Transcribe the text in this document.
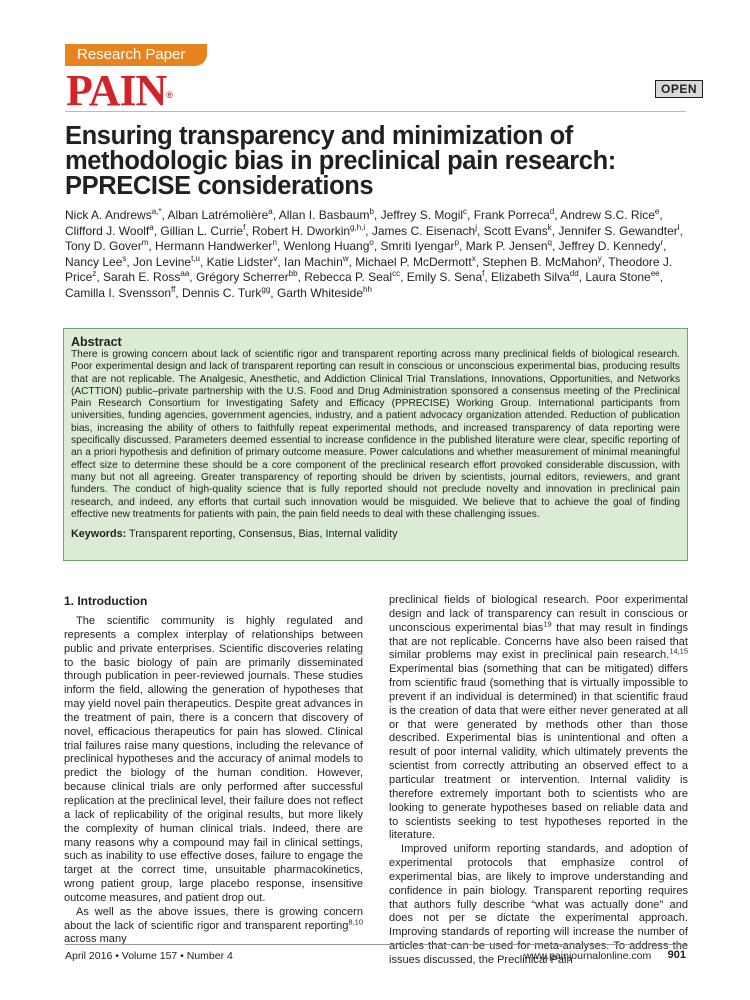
Research Paper
PAIN®	OPEN
Ensuring transparency and minimization of methodologic bias in preclinical pain research: PPRECISE considerations

Nick A. Andrews$^{a,*}$, Alban Latrémolière$^a$, Allan I. Basbaum$^b$, Jeffrey S. Mogil$^c$, Frank Porreca$^d$, Andrew S.C. Rice$^e$, Clifford J. Woolf$^a$, Gillian L. Currie$^f$, Robert H. Dworkin$^{g,h,i}$, James C. Eisenach$^j$, Scott Evans$^k$, Jennifer S. Gewandter$^l$, Tony D. Gover$^m$, Hermann Handwerker$^n$, Wenlong Huang$^o$, Smriti Iyengar$^p$, Mark P. Jensen$^q$, Jeffrey D. Kennedy$^r$, Nancy Lee$^s$, Jon Levine$^{t,u}$, Katie Lidster$^v$, Ian Machin$^w$, Michael P. McDermott$^x$, Stephen B. McMahon$^y$, Theodore J. Price$^z$, Sarah E. Ross$^{aa}$, Grégory Scherrer$^{bb}$, Rebecca P. Seal$^{cc}$, Emily S. Sena$^f$, Elizabeth Silva$^{dd}$, Laura Stone$^{ee}$, Camilla I. Svensson$^{ff}$, Dennis C. Turk$^{gg}$, Garth Whiteside$^{hh}$

Abstract

There is growing concern about lack of scientific rigor and transparent reporting across many preclinical fields of biological research. Poor experimental design and lack of transparent reporting can result in conscious or unconscious experimental bias, producing results that are not replicable. The Analgesic, Anesthetic, and Addiction Clinical Trial Translations, Innovations, Opportunities, and Networks (ACTTION) public–private partnership with the U.S. Food and Drug Administration sponsored a consensus meeting of the Preclinical Pain Research Consortium for Investigating Safety and Efficacy (PPRECISE) Working Group. International participants from universities, funding agencies, government agencies, industry, and a patient advocacy organization attended. Reduction of publication bias, increasing the ability of others to faithfully repeat experimental methods, and increased transparency of data reporting were specifically discussed. Parameters deemed essential to increase confidence in the published literature were clear, specific reporting of an a priori hypothesis and definition of primary outcome measure. Power calculations and whether measurement of minimal meaningful effect size to determine these should be a core component of the preclinical research effort provoked considerable discussion, with many but not all agreeing. Greater transparency of reporting should be driven by scientists, journal editors, reviewers, and grant funders. The conduct of high-quality science that is fully reported should not preclude novelty and innovation in preclinical pain research, and indeed, any efforts that curtail such innovation would be misguided. We believe that to achieve the goal of finding effective new treatments for patients with pain, the pain field needs to deal with these challenging issues.

Keywords: Transparent reporting, Consensus, Bias, Internal validity
1. Introduction

The scientific community is highly regulated and represents a complex interplay of relationships between public and private enterprises. Scientific discoveries relating to the basic biology of pain are primarily disseminated through publication in peer-reviewed journals. These studies inform the field, allowing the generation of hypotheses that may yield novel pain therapeutics. Despite great advances in the treatment of pain, there is a concern that discovery of novel, efficacious therapeutics for pain has slowed. Clinical trial failures raise many questions, including the relevance of preclinical hypotheses and the accuracy of animal models to predict the biology of the human condition. However, because clinical trials are only performed after successful replication at the preclinical level, their failure does not reflect a lack of replicability of the original results, but more likely the complexity of human clinical trials. Indeed, there are many reasons why a compound may fail in clinical settings, such as inability to use effective doses, failure to engage the target at the correct time, unsuitable pharmacokinetics, wrong patient group, large placebo response, insensitive outcome measures, and patient drop out.

As well as the above issues, there is growing concern about the lack of scientific rigor and transparent reporting$^{8,10}$ across many

preclinical fields of biological research. Poor experimental design and lack of transparency can result in conscious or unconscious experimental bias$^{19}$ that may result in findings that are not replicable. Concerns have also been raised that similar problems may exist in preclinical pain research.$^{14,15}$ Experimental bias (something that can be mitigated) differs from scientific fraud (something that is virtually impossible to prevent if an individual is determined) in that scientific fraud is the creation of data that were either never generated at all or that were generated by methods other than those described. Experimental bias is unintentional and often a result of poor internal validity, which ultimately prevents the scientist from correctly attributing an observed effect to a particular treatment or intervention. Internal validity is therefore extremely important both to scientists who are looking to generate hypotheses based on reliable data and to scientists seeking to test hypotheses reported in the literature.

Improved uniform reporting standards, and adoption of experimental protocols that emphasize control of experimental bias, are likely to improve understanding and confidence in pain biology. Transparent reporting requires that authors fully describe “what was actually done” and does not per se dictate the experimental approach. Improving standards of reporting will increase the number of articles that can be used for meta-analyses. To address the issues discussed, the Preclinical Pain

April 2016 • Volume 157 • Number 4	www.painjournalonline.com 901
